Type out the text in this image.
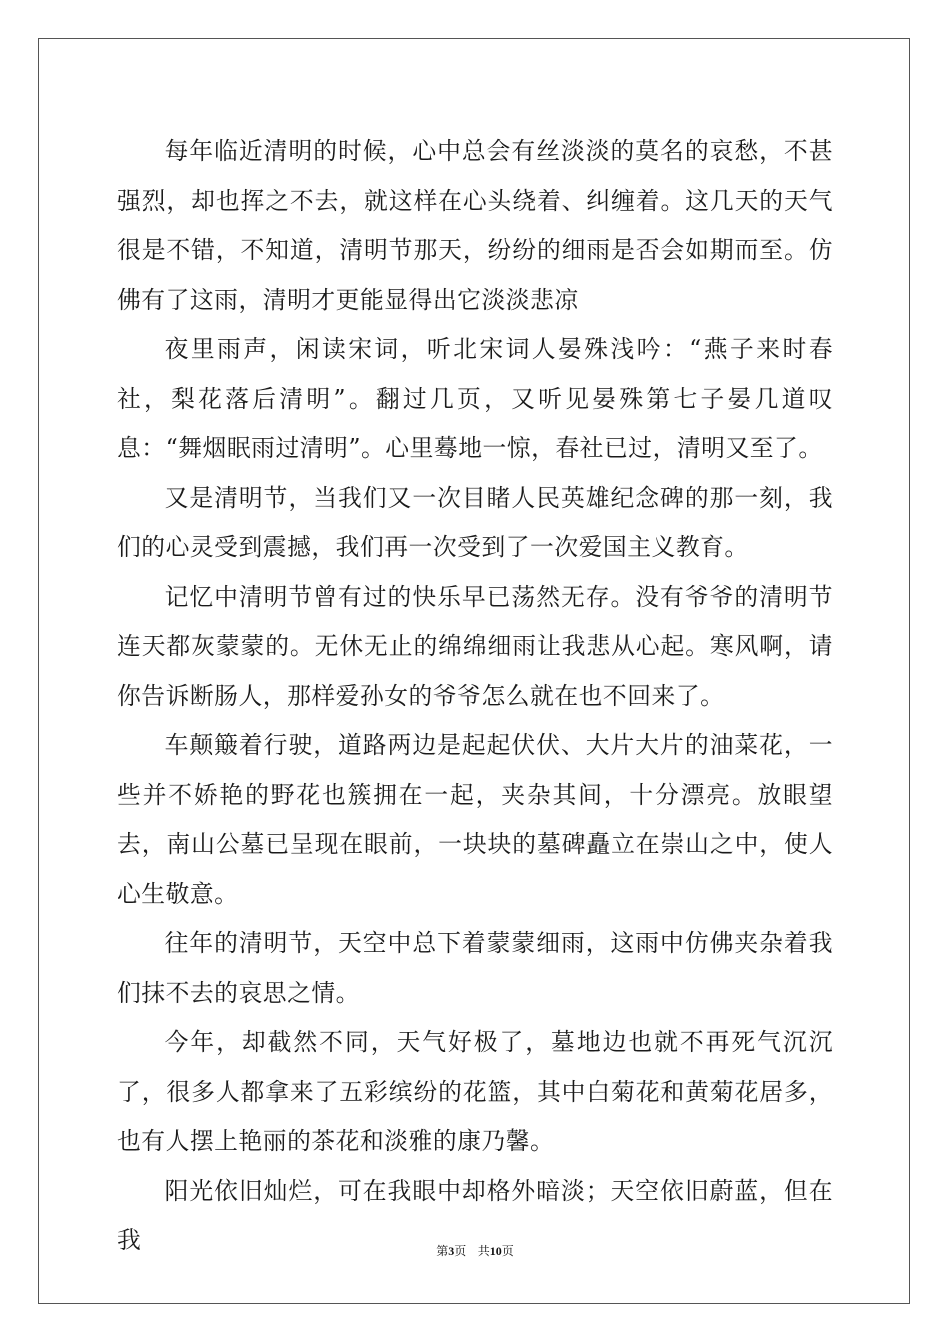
每年临近清明的时候，心中总会有丝淡淡的莫名的哀愁，不甚强烈，却也挥之不去，就这样在心头绕着、纠缠着。这几天的天气很是不错，不知道，清明节那天，纷纷的细雨是否会如期而至。仿佛有了这雨，清明才更能显得出它淡淡悲凉

夜里雨声，闲读宋词，听北宋词人晏殊浅吟：“燕子来时春社，梨花落后清明”。翻过几页，又听见晏殊第七子晏几道叹息：“舞烟眠雨过清明”。心里蓦地一惊，春社已过，清明又至了。

又是清明节，当我们又一次目睹人民英雄纪念碑的那一刻，我们的心灵受到震撼，我们再一次受到了一次爱国主义教育。

记忆中清明节曾有过的快乐早已荡然无存。没有爷爷的清明节连天都灰蒙蒙的。无休无止的绵绵细雨让我悲从心起。寒风啊，请你告诉断肠人，那样爱孙女的爷爷怎么就在也不回来了。

车颠簸着行驶，道路两边是起起伏伏、大片大片的油菜花，一些并不娇艳的野花也簇拥在一起，夹杂其间，十分漂亮。放眼望去，南山公墓已呈现在眼前，一块块的墓碑矗立在崇山之中，使人心生敬意。

往年的清明节，天空中总下着蒙蒙细雨，这雨中仿佛夹杂着我们抹不去的哀思之情。

今年，却截然不同，天气好极了，墓地边也就不再死气沉沉了，很多人都拿来了五彩缤纷的花篮，其中白菊花和黄菊花居多，也有人摆上艳丽的茶花和淡雅的康乃馨。

阳光依旧灿烂，可在我眼中却格外暗淡；天空依旧蔚蓝，但在我	第3页 共10页
